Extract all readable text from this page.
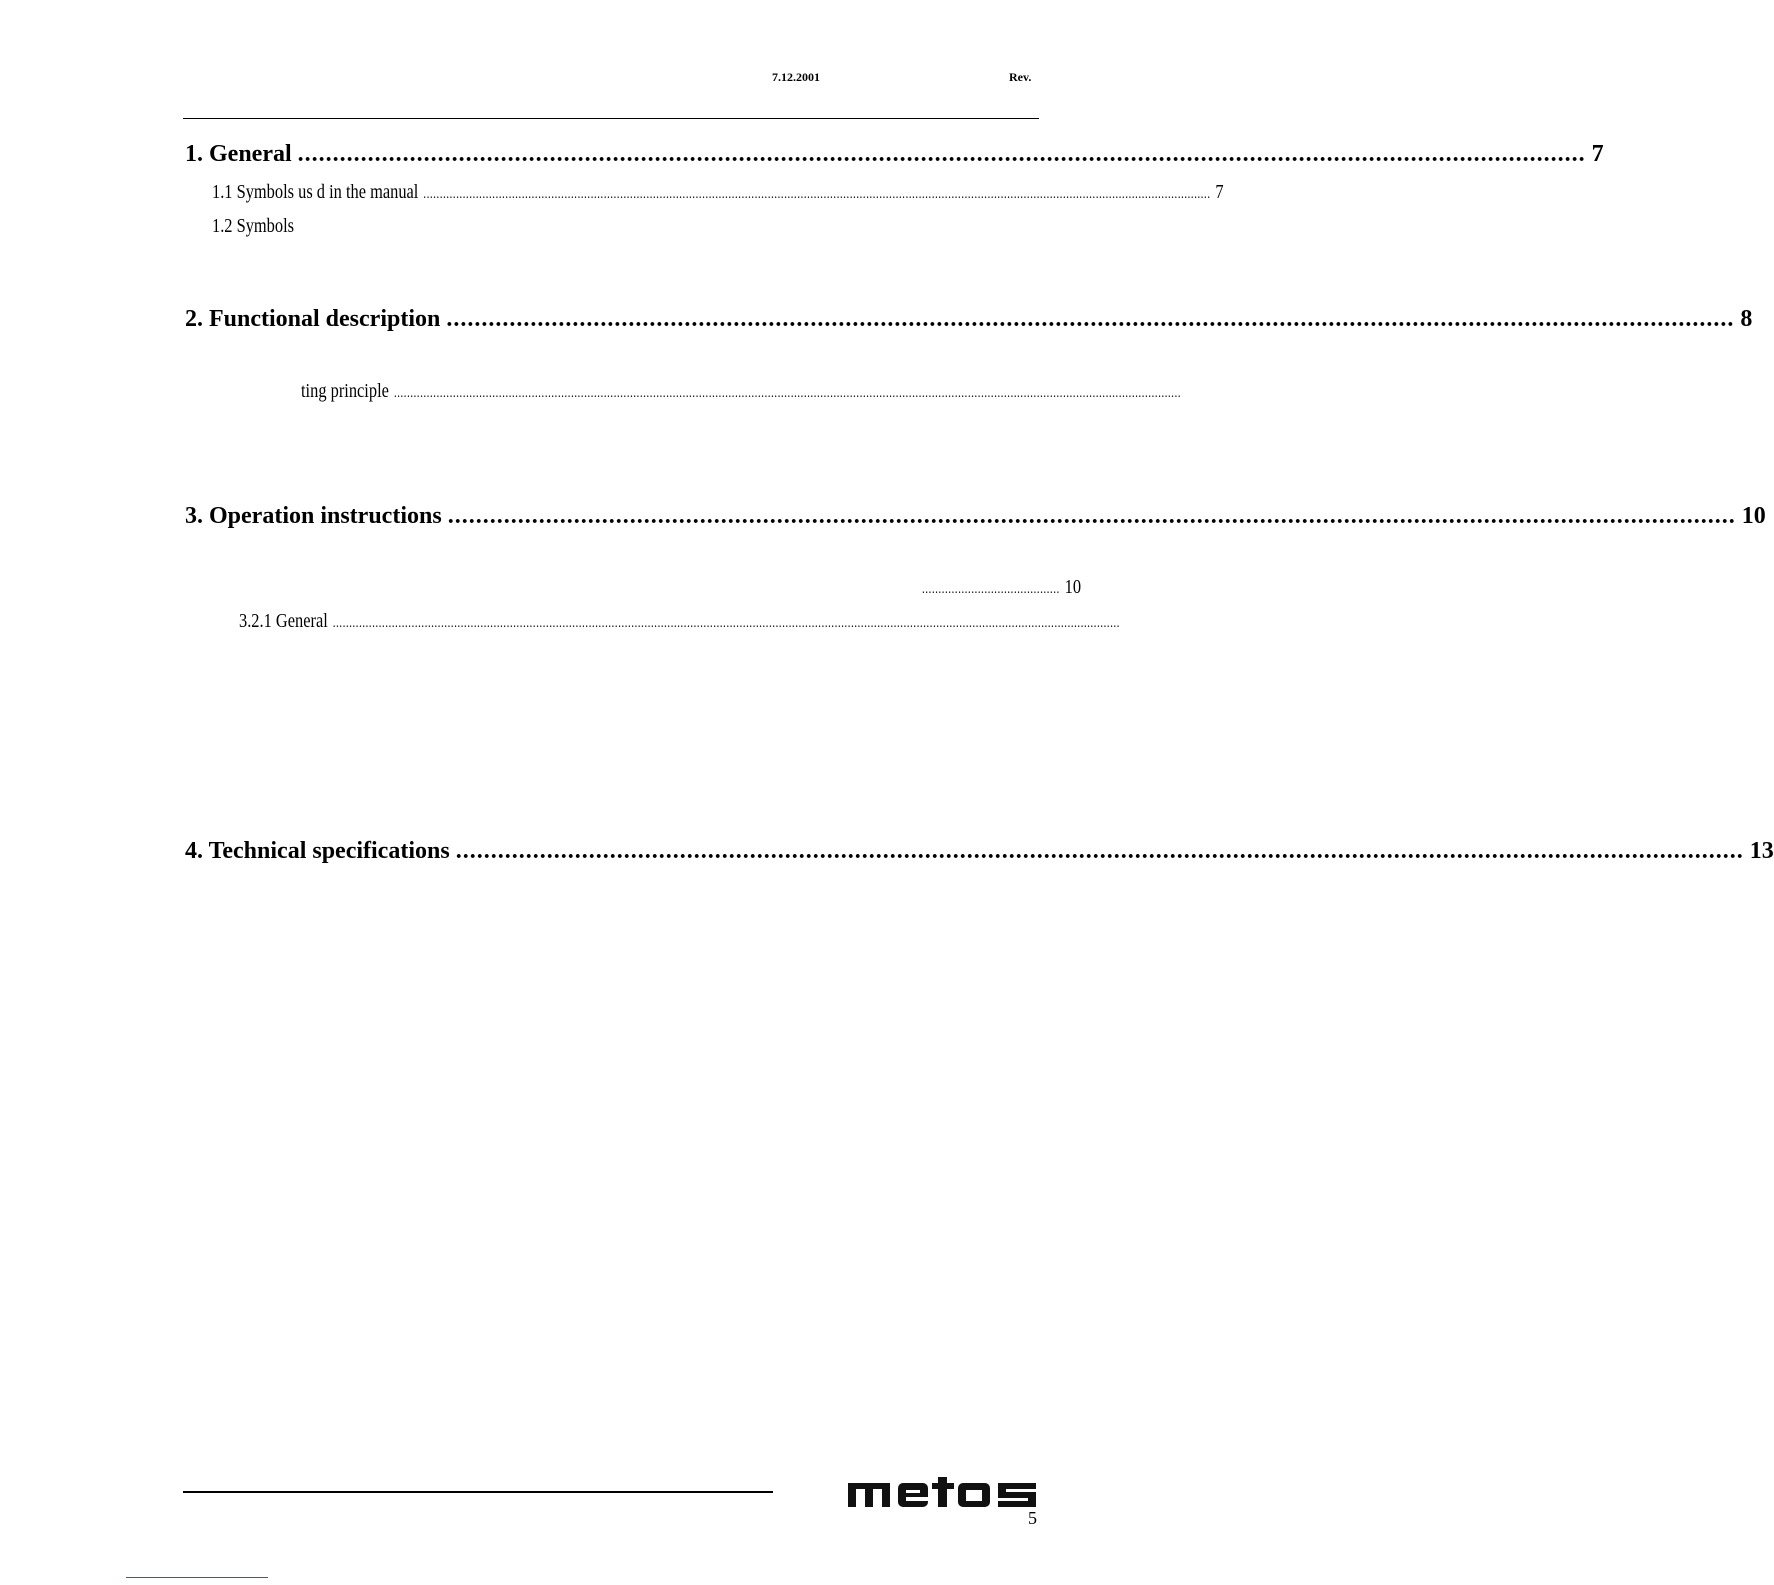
7.12.2001	Rev.
1. General ........................................................................................................................................................................................ 7
1.1 Symbols us d in the manual ................................................................................................................................................................................................................................................ 7
1.2 Symbols
2. Functional description ........................................................................................................................................................................................ 8
ting principle ................................................................................................................................................................................................................................................
3. Operation instructions ........................................................................................................................................................................................ 10
.......................................... 10
3.2.1 General ................................................................................................................................................................................................................................................
4. Technical specifications ........................................................................................................................................................................................ 13
5
